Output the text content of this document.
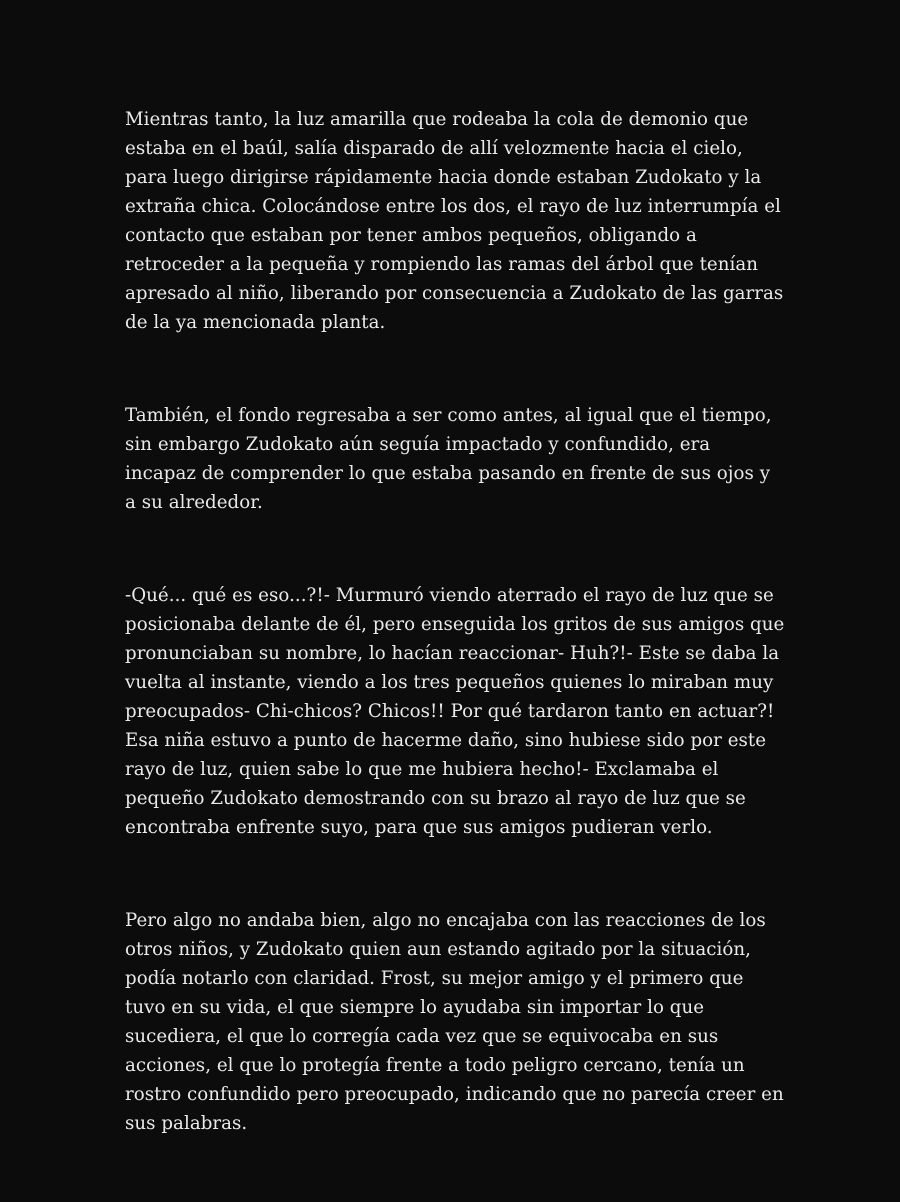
Mientras tanto, la luz amarilla que rodeaba la cola de demonio que estaba en el baúl, salía disparado de allí velozmente hacia el cielo, para luego dirigirse rápidamente hacia donde estaban Zudokato y la extraña chica. Colocándose entre los dos, el rayo de luz interrumpía el contacto que estaban por tener ambos pequeños, obligando a retroceder a la pequeña y rompiendo las ramas del árbol que tenían apresado al niño, liberando por consecuencia a Zudokato de las garras de la ya mencionada planta.

También, el fondo regresaba a ser como antes, al igual que el tiempo, sin embargo Zudokato aún seguía impactado y confundido, era incapaz de comprender lo que estaba pasando en frente de sus ojos y a su alrededor.

-Qué... qué es eso...?!- Murmuró viendo aterrado el rayo de luz que se posicionaba delante de él, pero enseguida los gritos de sus amigos que pronunciaban su nombre, lo hacían reaccionar- Huh?!- Este se daba la vuelta al instante, viendo a los tres pequeños quienes lo miraban muy preocupados- Chi-chicos? Chicos!! Por qué tardaron tanto en actuar?! Esa niña estuvo a punto de hacerme daño, sino hubiese sido por este rayo de luz, quien sabe lo que me hubiera hecho!- Exclamaba el pequeño Zudokato demostrando con su brazo al rayo de luz que se encontraba enfrente suyo, para que sus amigos pudieran verlo.

Pero algo no andaba bien, algo no encajaba con las reacciones de los otros niños, y Zudokato quien aun estando agitado por la situación, podía notarlo con claridad. Frost, su mejor amigo y el primero que tuvo en su vida, el que siempre lo ayudaba sin importar lo que sucediera, el que lo corregía cada vez que se equivocaba en sus acciones, el que lo protegía frente a todo peligro cercano, tenía un rostro confundido pero preocupado, indicando que no parecía creer en sus palabras.
